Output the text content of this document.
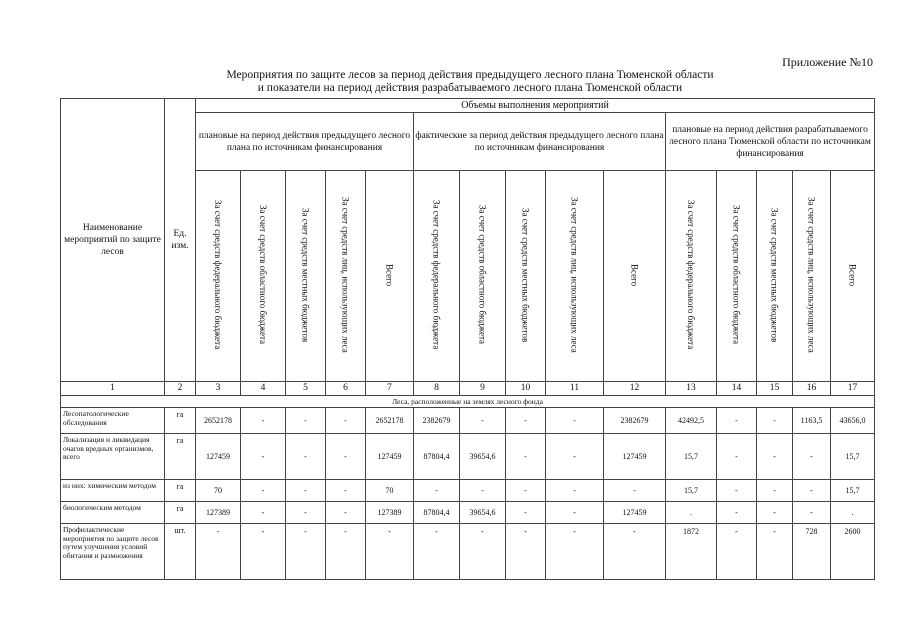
Приложение №10
Мероприятия по защите лесов за период действия предыдущего лесного плана Тюменской области
и показатели на период действия разрабатываемого лесного плана Тюменской области
Наименование мероприятий по защите лесов	Ед. изм.	Объемы выполнения мероприятий														
		плановые на период действия предыдущего лесного плана по источникам финансирования					фактические за период действия предыдущего лесного плана по источникам финансирования					плановые на период действия разрабатываемого лесного плана Тюменской области по источникам финансирования				
		За счет средств федерального бюджета	За счет средств областного бюджета	За счет средств местных бюджетов	За счет средств лиц, использующих леса	Всего	За счет средств федерального бюджета	За счет средств областного бюджета	За счет средств местных бюджетов	За счет средств лиц, использующих леса	Всего	За счет средств федерального бюджета	За счет средств областного бюджета	За счет средств местных бюджетов	За счет средств лиц, использующих леса	Всего
1	2	3	4	5	6	7	8	9	10	11	12	13	14	15	16	17
Леса, расположенные на землях лесного фонда																
Лесопатологические обследования	га	2652178	-	-	-	2652178	2382679	-	-	-	2382679	42492,5	-	-	1163,5	43656,0
Локализация и ликвидация очагов вредных организмов, всего	га	127459	-	-	-	127459	87804,4	39654,6	-	-	127459	15,7	-	-	-	15,7
из них: химическим методом	га	70	-	-	-	70	-	-	-	-	-	15,7	-	-	-	15,7
биологическим методом	га	127389	-	-	-	127389	87804,4	39654,6	-	-	127459	.	-	-	-	.
Профилактические мероприятия по защите лесов путем улучшения условий обитания и размножения	шт.	-	-	-	-	-	-	-	-	-	-	1872	-	-	728	2600
